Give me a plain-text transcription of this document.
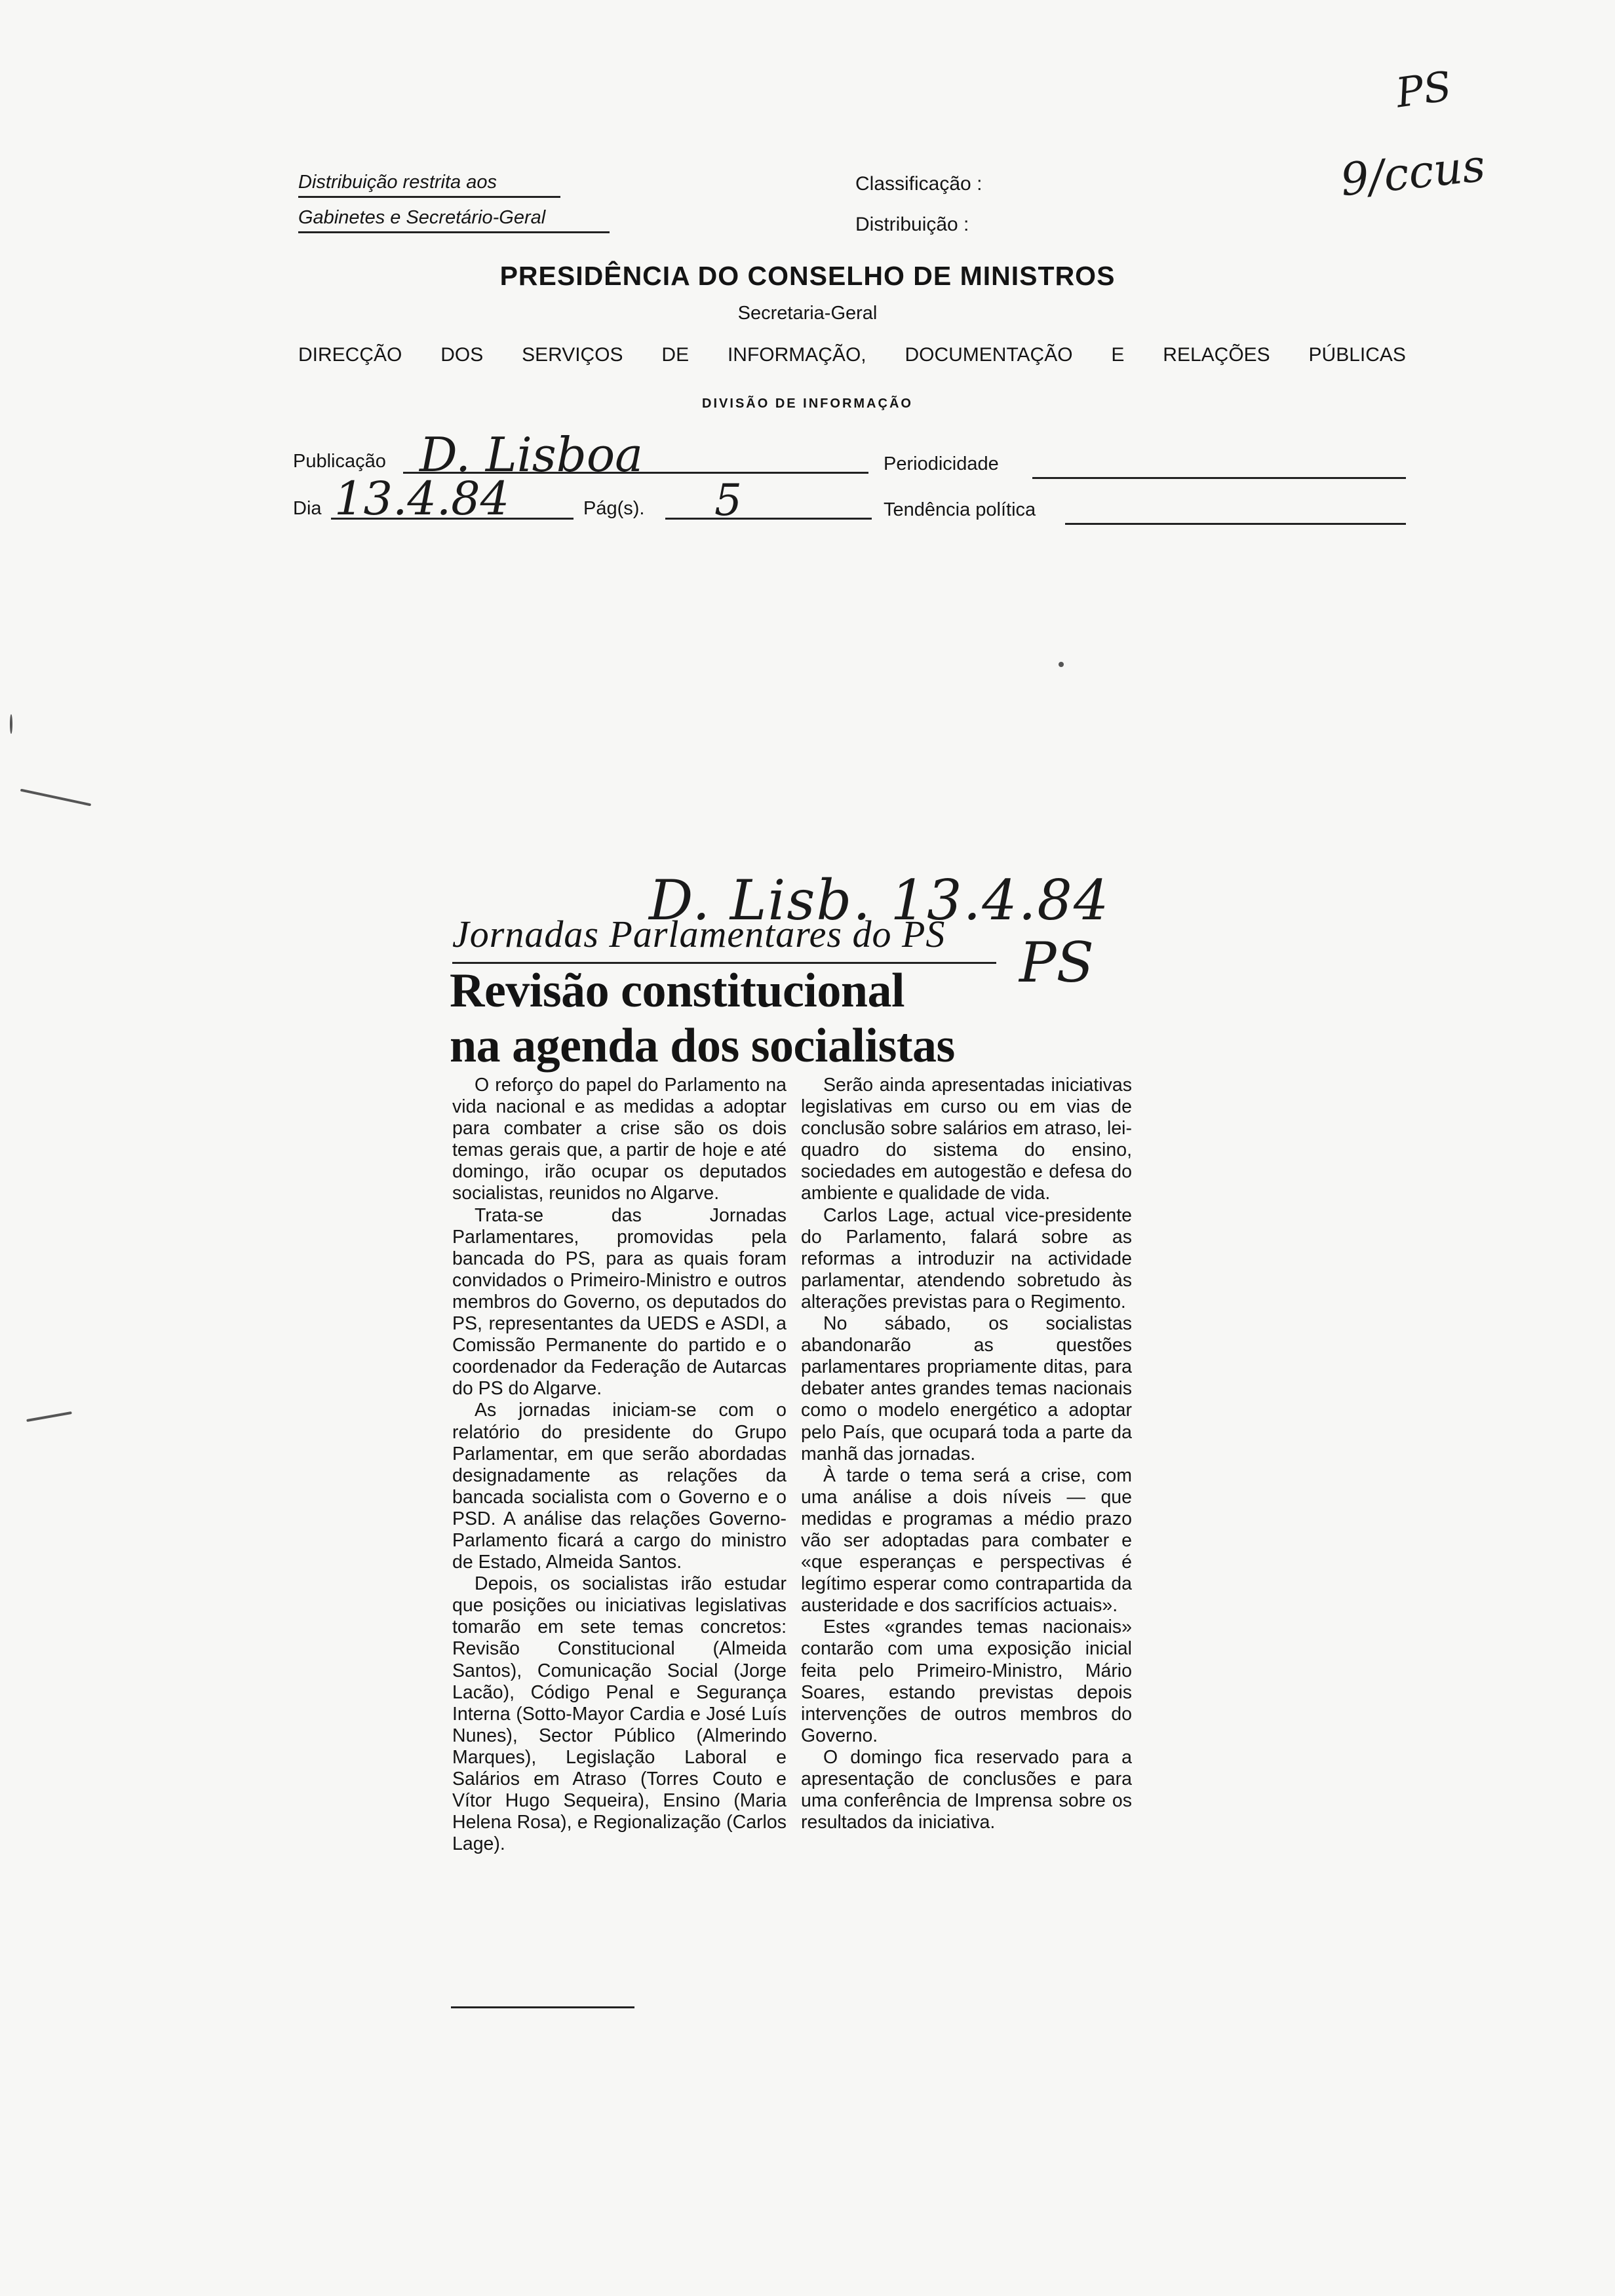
PS
9/ccus
Distribuição restrita aos
Gabinetes e Secretário-Geral
Classificação :
Distribuição :
PRESIDÊNCIA DO CONSELHO DE MINISTROS
Secretaria-Geral
DIRECÇÃO DOS SERVIÇOS DE INFORMAÇÃO, DOCUMENTAÇÃO E RELAÇÕES PÚBLICAS
DIVISÃO DE INFORMAÇÃO
Publicação D. Lisboa	Periodicidade
Dia 13.4.84	Pág(s). 5	Tendência política
D. Lisb. 13.4.84
PS
Jornadas Parlamentares do PS
Revisão constitucional
na agenda dos socialistas

O reforço do papel do Parlamento na vida nacional e as medidas a adoptar para combater a crise são os dois temas gerais que, a partir de hoje e até domingo, irão ocupar os deputados socialistas, reunidos no Algarve.

Trata-se das Jornadas Parlamentares, promovidas pela bancada do PS, para as quais foram convidados o Primeiro-Ministro e outros membros do Governo, os deputados do PS, representantes da UEDS e ASDI, a Comissão Permanente do partido e o coordenador da Federação de Autarcas do PS do Algarve.

As jornadas iniciam-se com o relatório do presidente do Grupo Parlamentar, em que serão abordadas designadamente as relações da bancada socialista com o Governo e o PSD. A análise das relações Governo-Parlamento ficará a cargo do ministro de Estado, Almeida Santos.

Depois, os socialistas irão estudar que posições ou iniciativas legislativas tomarão em sete temas concretos: Revisão Constitucional (Almeida Santos), Comunicação Social (Jorge Lacão), Código Penal e Segurança Interna (Sotto-Mayor Cardia e José Luís Nunes), Sector Público (Almerindo Marques), Legislação Laboral e Salários em Atraso (Torres Couto e Vítor Hugo Sequeira), Ensino (Maria Helena Rosa), e Regionalização (Carlos Lage).

Serão ainda apresentadas iniciativas legislativas em curso ou em vias de conclusão sobre salários em atraso, lei-quadro do sistema do ensino, sociedades em autogestão e defesa do ambiente e qualidade de vida.

Carlos Lage, actual vice-presidente do Parlamento, falará sobre as reformas a introduzir na actividade parlamentar, atendendo sobretudo às alterações previstas para o Regimento.

No sábado, os socialistas abandonarão as questões parlamentares propriamente ditas, para debater antes grandes temas nacionais como o modelo energético a adoptar pelo País, que ocupará toda a parte da manhã das jornadas.

À tarde o tema será a crise, com uma análise a dois níveis — que medidas e programas a médio prazo vão ser adoptadas para combater e «que esperanças e perspectivas é legítimo esperar como contrapartida da austeridade e dos sacrifícios actuais».

Estes «grandes temas nacionais» contarão com uma exposição inicial feita pelo Primeiro-Ministro, Mário Soares, estando previstas depois intervenções de outros membros do Governo.

O domingo fica reservado para a apresentação de conclusões e para uma conferência de Imprensa sobre os resultados da iniciativa.
